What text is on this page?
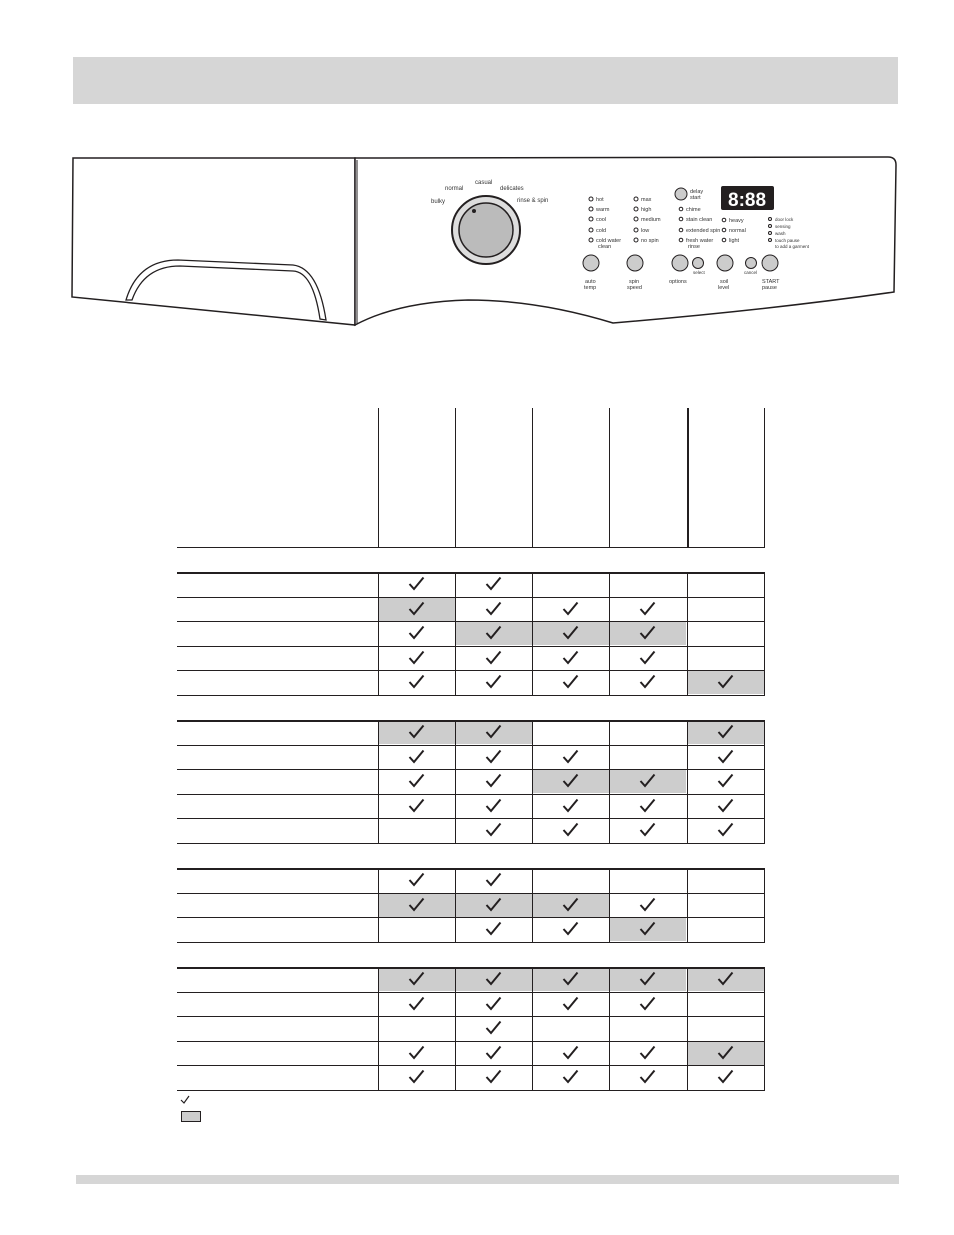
bulky
normal
casual
delicates
rinse & spin	hot
warm
cool
cold
cold water
clean
max
high
medium
low
no spin
delay
start 8:88
chime
stain clean
extended spin
fresh water
rinse
heavy
normal
light
door lock
sensing
wash
touch pause
to add a garment
auto
temp
spin
speed
options
select
soil
level
cancel
START
pause
